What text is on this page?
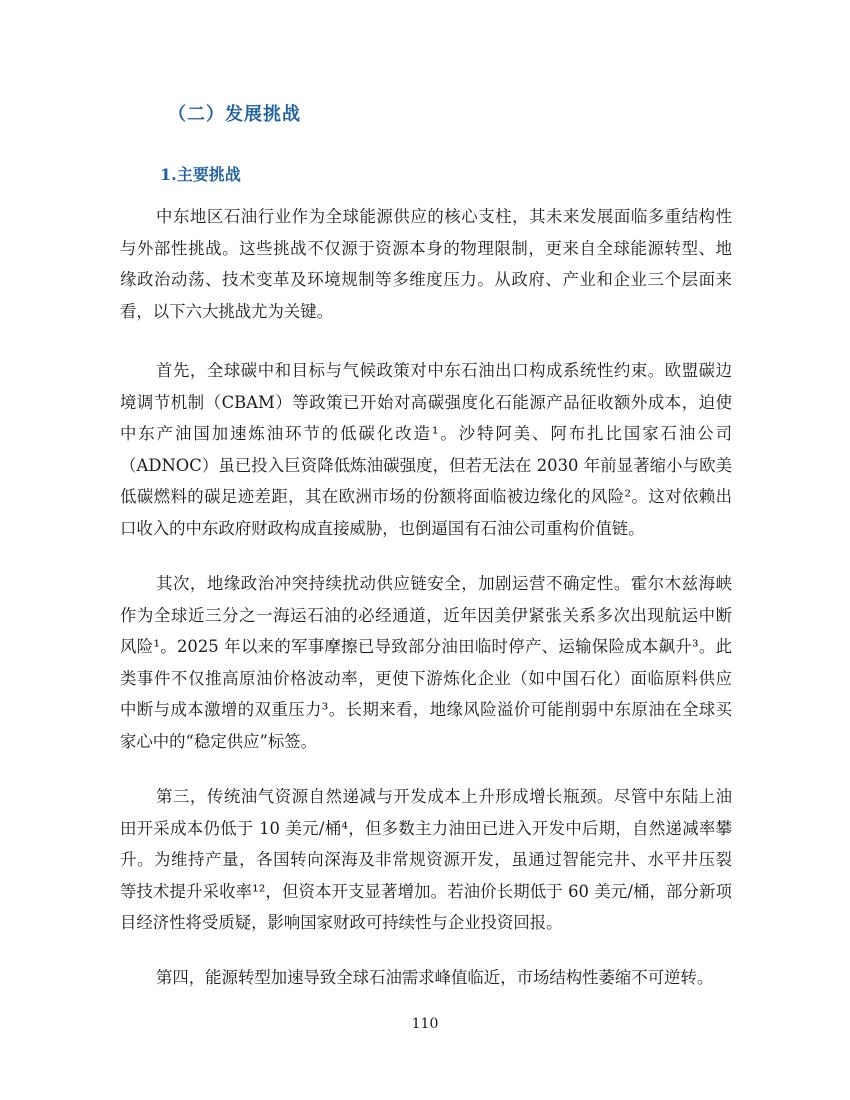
（二）发展挑战
1.主要挑战
中东地区石油行业作为全球能源供应的核心支柱，其未来发展面临多重结构性
与外部性挑战。这些挑战不仅源于资源本身的物理限制，更来自全球能源转型、地
缘政治动荡、技术变革及环境规制等多维度压力。从政府、产业和企业三个层面来
看，以下六大挑战尤为关键。
首先，全球碳中和目标与气候政策对中东石油出口构成系统性约束。欧盟碳边
境调节机制（CBAM）等政策已开始对高碳强度化石能源产品征收额外成本，迫使
中东产油国加速炼油环节的低碳化改造¹。沙特阿美、阿布扎比国家石油公司
（ADNOC）虽已投入巨资降低炼油碳强度，但若无法在 2030 年前显著缩小与欧美
低碳燃料的碳足迹差距，其在欧洲市场的份额将面临被边缘化的风险²。这对依赖出
口收入的中东政府财政构成直接威胁，也倒逼国有石油公司重构价值链。
其次，地缘政治冲突持续扰动供应链安全，加剧运营不确定性。霍尔木兹海峡
作为全球近三分之一海运石油的必经通道，近年因美伊紧张关系多次出现航运中断
风险¹。2025 年以来的军事摩擦已导致部分油田临时停产、运输保险成本飙升³。此
类事件不仅推高原油价格波动率，更使下游炼化企业（如中国石化）面临原料供应
中断与成本激增的双重压力³。长期来看，地缘风险溢价可能削弱中东原油在全球买
家心中的“稳定供应”标签。
第三，传统油气资源自然递减与开发成本上升形成增长瓶颈。尽管中东陆上油
田开采成本仍低于 10 美元/桶⁴，但多数主力油田已进入开发中后期，自然递减率攀
升。为维持产量，各国转向深海及非常规资源开发，虽通过智能完井、水平井压裂
等技术提升采收率¹²，但资本开支显著增加。若油价长期低于 60 美元/桶，部分新项
目经济性将受质疑，影响国家财政可持续性与企业投资回报。
第四，能源转型加速导致全球石油需求峰值临近，市场结构性萎缩不可逆转。
110
